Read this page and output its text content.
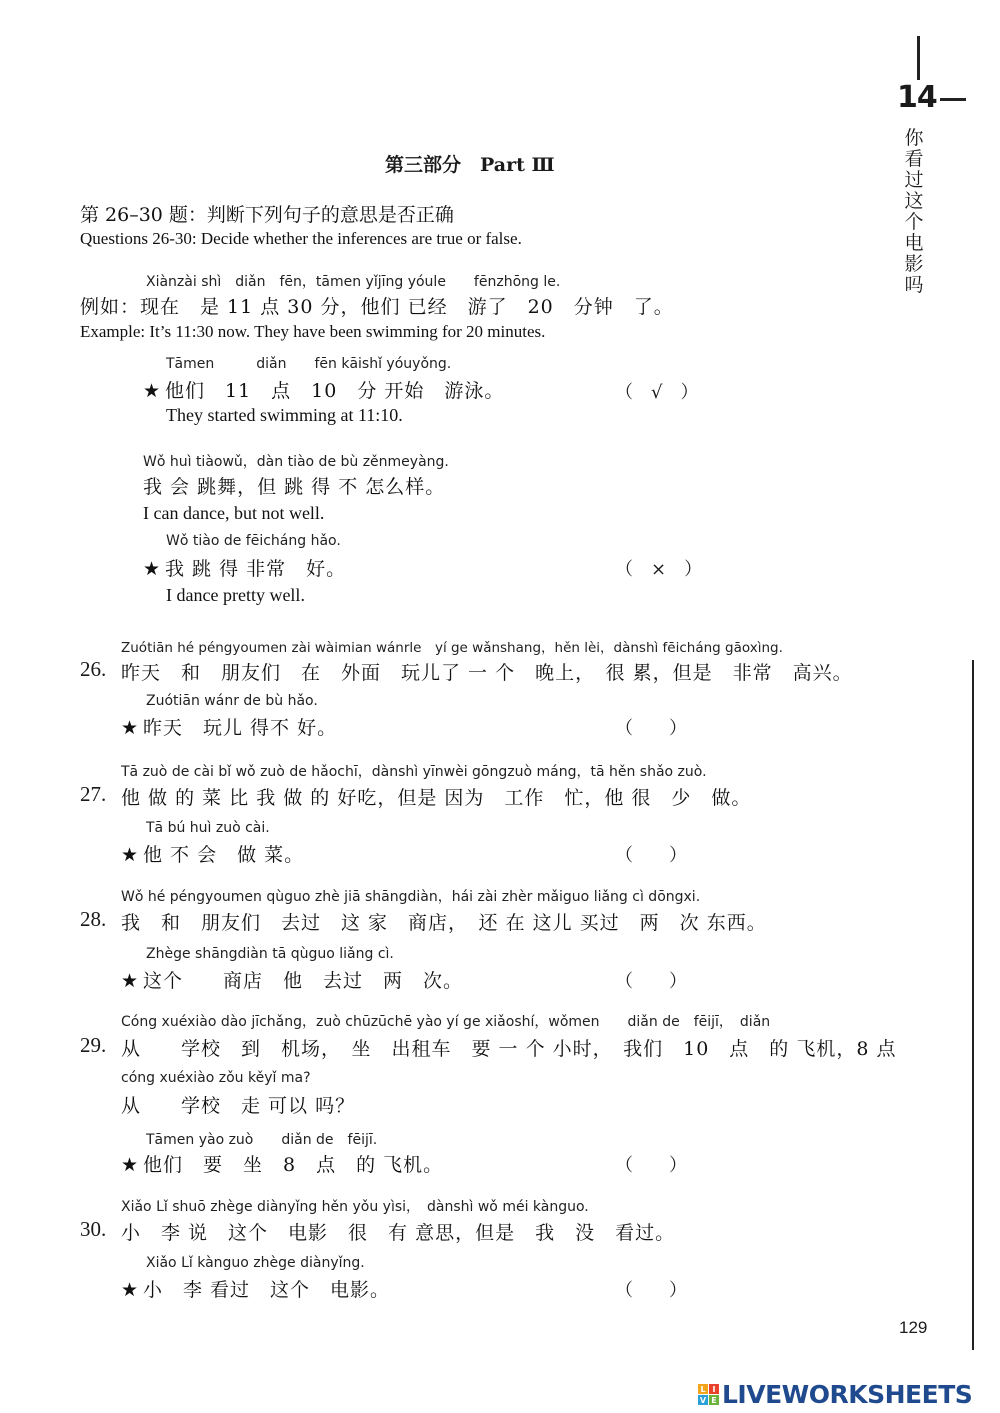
14
你
看
过
这
个
电
影
吗
第三部分　Part Ⅲ
第 26–30 题：判断下列句子的意思是否正确
Questions 26-30: Decide whether the inferences are true or false.
Xiànzài shì　diǎn　fēn，tāmen yǐjīng yóule　　fēnzhōng le.
例如：现在　是 11 点 30 分，他们 已经　游了　20　分钟　了。
Example: It’s 11:30 now. They have been swimming for 20 minutes.
Tāmen　　　diǎn　　fēn kāishǐ yóuyǒng.
★ 他们　11　点　10　分 开始　游泳。	（　√　）
They started swimming at 11:10.
Wǒ huì tiàowǔ，dàn tiào de bù zěnmeyàng.
我 会 跳舞，但 跳 得 不 怎么样。
I can dance, but not well.
Wǒ tiào de fēicháng hǎo.
★ 我 跳 得 非常　好。	（　×　）
I dance pretty well.
Zuótiān hé péngyoumen zài wàimian wánrle　yí ge wǎnshang，hěn lèi，dànshì fēicháng gāoxìng.
26. 昨天　和　朋友们　在　外面　玩儿了 一 个　晚上，　很 累，但是　非常　高兴。
Zuótiān wánr de bù hǎo.
★ 昨天　玩儿 得不 好。	（　　）
Tā zuò de cài bǐ wǒ zuò de hǎochī，dànshì yīnwèi gōngzuò máng，tā hěn shǎo zuò.
27. 他 做 的 菜 比 我 做 的 好吃，但是 因为　工作　忙，他 很　少　做。
Tā bú huì zuò cài.
★ 他 不 会　做 菜。	（　　）
Wǒ hé péngyoumen qùguo zhè jiā shāngdiàn，hái zài zhèr mǎiguo liǎng cì dōngxi.
28. 我　和　朋友们　去过　这 家　商店，　还 在 这儿 买过　两　次 东西。
Zhège shāngdiàn tā qùguo liǎng cì.
★ 这个　　商店　他　去过　两　次。	（　　）
Cóng xuéxiào dào jīchǎng，zuò chūzūchē yào yí ge xiǎoshí，wǒmen　　diǎn de　fēijī，　diǎn
29. 从　　学校　到　机场，　坐　出租车　要 一 个 小时，　我们　10　点　的 飞机，8 点
cóng xuéxiào zǒu kěyǐ ma?
从　　学校　走 可以 吗？
Tāmen yào zuò　　diǎn de　fēijī.
★ 他们　要　坐　8　点　的 飞机。	（　　）
Xiǎo Lǐ shuō zhège diànyǐng hěn yǒu yìsi，　dànshì wǒ méi kànguo.
30. 小　李 说　这个　电影　很　有 意思，但是　我　没　看过。
Xiǎo Lǐ kànguo zhège diànyǐng.
★ 小　李 看过　这个　电影。	（　　）
129
L I
V E LIVEWORKSHEETS
